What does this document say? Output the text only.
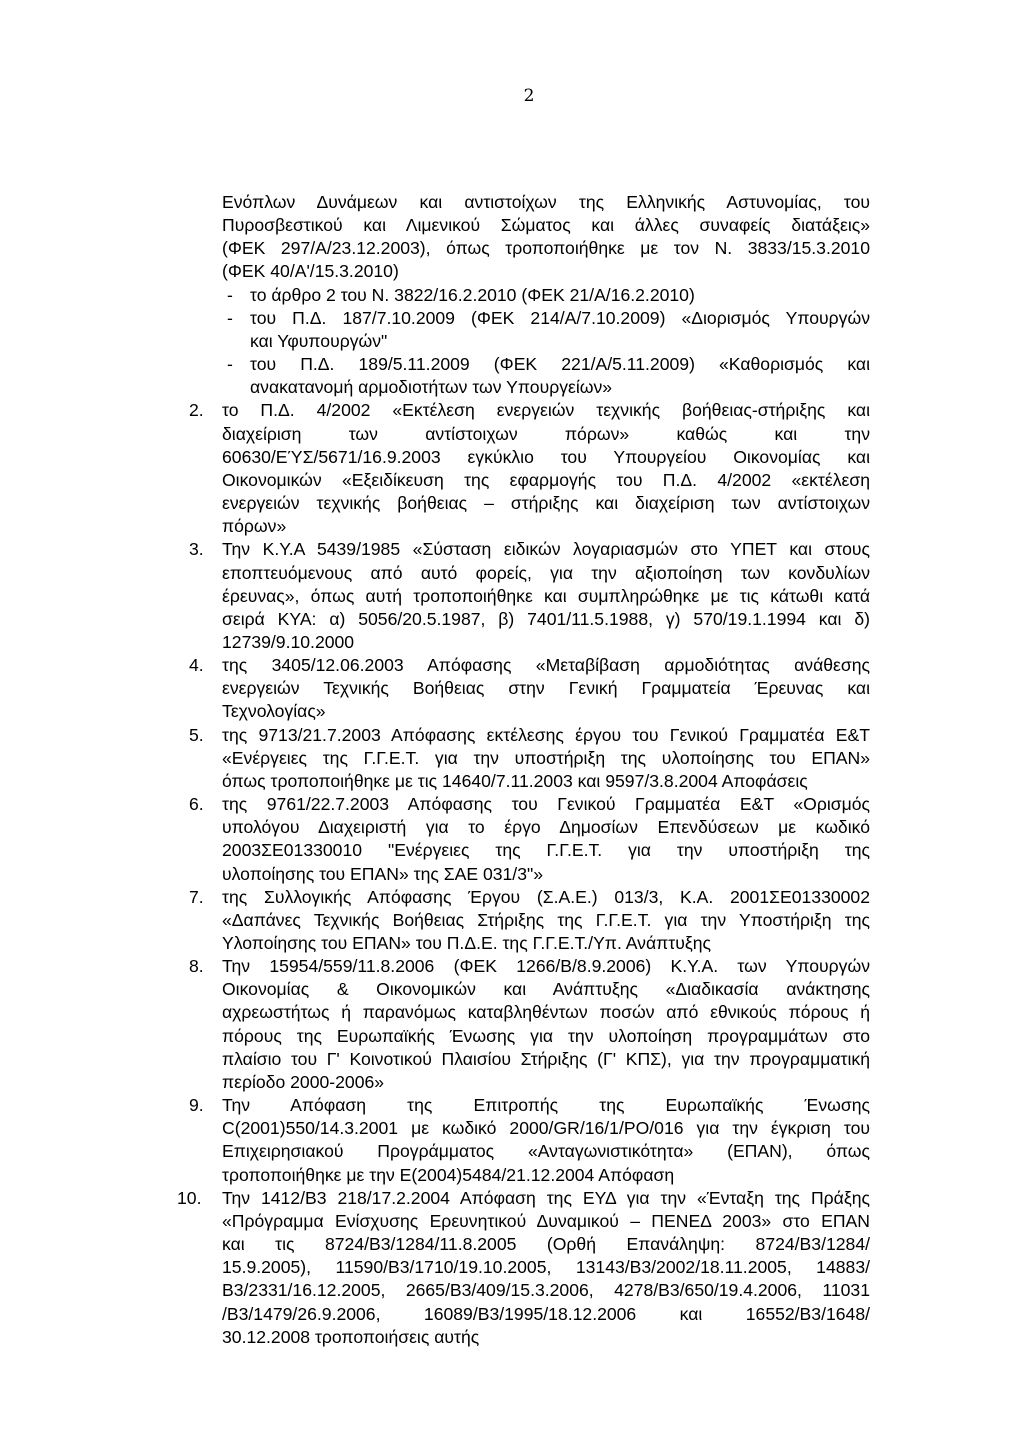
2
Ενόπλων Δυνάμεων και αντιστοίχων της Ελληνικής Αστυνομίας, του
Πυροσβεστικού και Λιμενικού Σώματος και άλλες συναφείς διατάξεις»
(ΦΕΚ 297/Α/23.12.2003), όπως τροποποιήθηκε με τον Ν. 3833/15.3.2010
(ΦΕΚ 40/Α'/15.3.2010)
- το άρθρο 2 του Ν. 3822/16.2.2010 (ΦΕΚ 21/Α/16.2.2010)
- του Π.Δ. 187/7.10.2009 (ΦΕΚ 214/Α/7.10.2009) «Διορισμός Υπουργών
και Υφυπουργών"
- του Π.Δ. 189/5.11.2009 (ΦΕΚ 221/Α/5.11.2009) «Καθορισμός και
ανακατανομή αρμοδιοτήτων των Υπουργείων»
2. το Π.Δ. 4/2002 «Εκτέλεση ενεργειών τεχνικής βοήθειας-στήριξης και
διαχείριση των αντίστοιχων πόρων» καθώς και την
60630/ΕΎΣ/5671/16.9.2003 εγκύκλιο του Υπουργείου Οικονομίας και
Οικονομικών «Εξειδίκευση της εφαρμογής του Π.Δ. 4/2002 «εκτέλεση
ενεργειών τεχνικής βοήθειας – στήριξης και διαχείριση των αντίστοιχων
πόρων»
3. Την Κ.Υ.Α 5439/1985 «Σύσταση ειδικών λογαριασμών στο ΥΠΕΤ και στους
εποπτευόμενους από αυτό φορείς, για την αξιοποίηση των κονδυλίων
έρευνας», όπως αυτή τροποποιήθηκε και συμπληρώθηκε με τις κάτωθι κατά
σειρά ΚΥΑ: α) 5056/20.5.1987, β) 7401/11.5.1988, γ) 570/19.1.1994 και δ)
12739/9.10.2000
4. της 3405/12.06.2003 Απόφασης «Μεταβίβαση αρμοδιότητας ανάθεσης
ενεργειών Τεχνικής Βοήθειας στην Γενική Γραμματεία Έρευνας και
Τεχνολογίας»
5. της 9713/21.7.2003 Απόφασης εκτέλεσης έργου του Γενικού Γραμματέα Ε&Τ
«Ενέργειες της Γ.Γ.Ε.Τ. για την υποστήριξη της υλοποίησης του ΕΠΑΝ»
όπως τροποποιήθηκε με τις 14640/7.11.2003 και 9597/3.8.2004 Αποφάσεις
6. της 9761/22.7.2003 Απόφασης του Γενικού Γραμματέα Ε&Τ «Ορισμός
υπολόγου Διαχειριστή για το έργο Δημοσίων Επενδύσεων με κωδικό
2003ΣΕ01330010 "Ενέργειες της Γ.Γ.Ε.Τ. για την υποστήριξη της
υλοποίησης του ΕΠΑΝ» της ΣΑΕ 031/3"»
7. της Συλλογικής Απόφασης Έργου (Σ.Α.Ε.) 013/3, Κ.Α. 2001ΣΕ01330002
«Δαπάνες Τεχνικής Βοήθειας Στήριξης της Γ.Γ.Ε.Τ. για την Υποστήριξη της
Υλοποίησης του ΕΠΑΝ» του Π.Δ.Ε. της Γ.Γ.Ε.Τ./Υπ. Ανάπτυξης
8. Την 15954/559/11.8.2006 (ΦΕΚ 1266/Β/8.9.2006) Κ.Υ.Α. των Υπουργών
Οικονομίας & Οικονομικών και Ανάπτυξης «Διαδικασία ανάκτησης
αχρεωστήτως ή παρανόμως καταβληθέντων ποσών από εθνικούς πόρους ή
πόρους της Ευρωπαϊκής Ένωσης για την υλοποίηση προγραμμάτων στο
πλαίσιο του Γ' Κοινοτικού Πλαισίου Στήριξης (Γ' ΚΠΣ), για την προγραμματική
περίοδο 2000-2006»
9. Την Απόφαση της Επιτροπής της Ευρωπαϊκής Ένωσης
C(2001)550/14.3.2001 με κωδικό 2000/GR/16/1/PO/016 για την έγκριση του
Επιχειρησιακού Προγράμματος «Ανταγωνιστικότητα» (ΕΠΑΝ), όπως
τροποποιήθηκε με την Ε(2004)5484/21.12.2004 Απόφαση
10. Την 1412/Β3 218/17.2.2004 Απόφαση της ΕΥΔ για την «Ένταξη της Πράξης
«Πρόγραμμα Ενίσχυσης Ερευνητικού Δυναμικού – ΠΕΝΕΔ 2003» στο ΕΠΑΝ
και τις 8724/Β3/1284/11.8.2005 (Ορθή Επανάληψη: 8724/Β3/1284/
15.9.2005), 11590/Β3/1710/19.10.2005, 13143/Β3/2002/18.11.2005, 14883/
Β3/2331/16.12.2005, 2665/Β3/409/15.3.2006, 4278/Β3/650/19.4.2006, 11031
/Β3/1479/26.9.2006, 16089/Β3/1995/18.12.2006 και 16552/Β3/1648/
30.12.2008 τροποποιήσεις αυτής
